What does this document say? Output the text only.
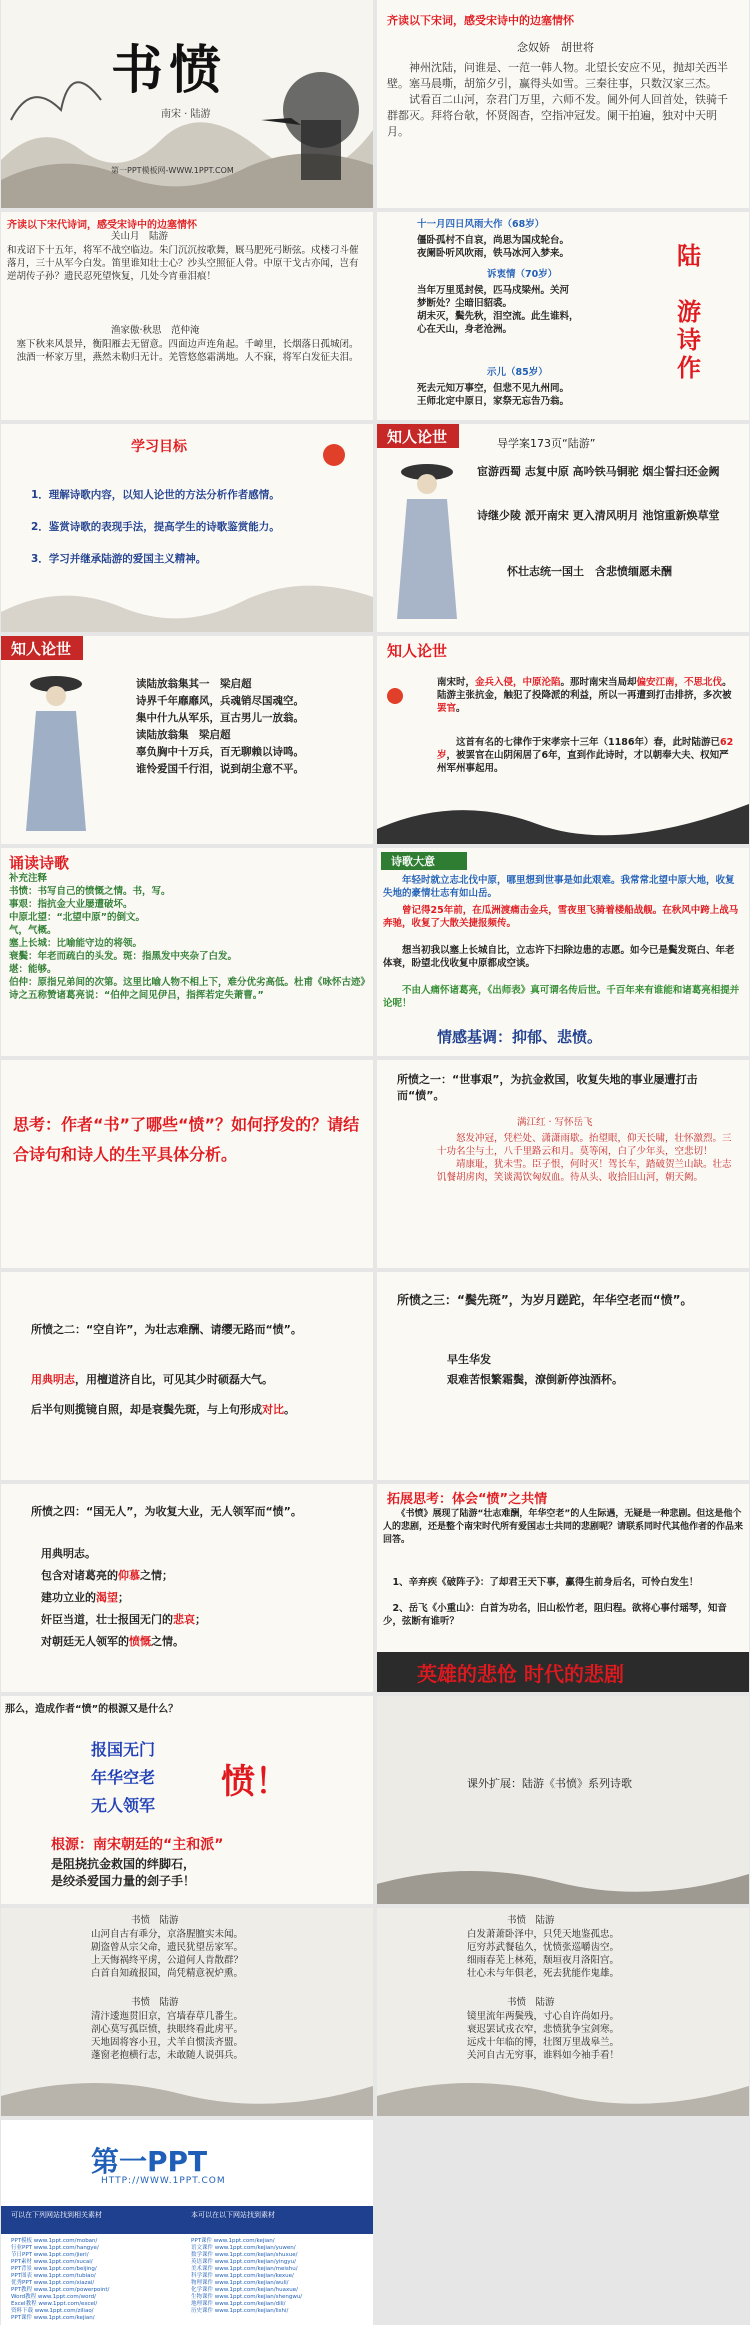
书愤
南宋 · 陆游
第一PPT模板网-WWW.1PPT.COM
齐读以下宋词，感受宋诗中的边塞情怀
念奴娇　胡世将
　　神州沈陆，问谁是、一范一韩人物。北望长安应不见，抛却关西半壁。塞马晨嘶，胡笳夕引，赢得头如雪。三秦往事，只数汉家三杰。
　　试看百二山河，奈君门万里，六师不发。阃外何人回首处，铁骑千群都灭。拜将台欹，怀贤阁杳，空指冲冠发。阑干拍遍，独对中天明月。
齐读以下宋代诗词，感受宋诗中的边塞情怀
关山月　陆游
和戎诏下十五年，将军不战空临边。朱门沉沉按歌舞，厩马肥死弓断弦。戍楼刁斗催落月，三十从军今白发。笛里谁知壮士心？沙头空照征人骨。中原干戈古亦闻，岂有逆胡传子孙？遗民忍死望恢复，几处今宵垂泪痕！
渔家傲·秋思　范仲淹
　塞下秋来风景异，衡阳雁去无留意。四面边声连角起。千嶂里，长烟落日孤城闭。
　浊酒一杯家万里，燕然未勒归无计。羌管悠悠霜满地。人不寐，将军白发征夫泪。
十一月四日风雨大作（68岁）
僵卧孤村不自哀，尚思为国戍轮台。
夜阑卧听风吹雨，铁马冰河入梦来。
诉衷情（70岁）
当年万里觅封侯，匹马戍梁州。关河
梦断处？尘暗旧貂裘。
胡未灭，鬓先秋，泪空流。此生谁料，
心在天山，身老沧洲。
示儿（85岁）
死去元知万事空，但悲不见九州同。
王师北定中原日，家祭无忘告乃翁。
陆

游
诗
作
学习目标
1．理解诗歌内容，以知人论世的方法分析作者感情。
2．鉴赏诗歌的表现手法，提高学生的诗歌鉴赏能力。
3．学习并继承陆游的爱国主义精神。
知人论世	导学案173页“陆游”
宦游西蜀 志复中原 高吟铁马铜驼 烟尘誓扫还金阙
诗继少陵 派开南宋 更入清风明月 池馆重新焕草堂
怀壮志统一国土　含悲愤缅愿未酬
知人论世
读陆放翁集其一　梁启超
诗界千年靡靡风，兵魂销尽国魂空。
集中什九从军乐，亘古男儿一放翁。
读陆放翁集　梁启超
辜负胸中十万兵，百无聊赖以诗鸣。
谁怜爱国千行泪，说到胡尘意不平。
知人论世
南宋时，金兵入侵，中原沦陷。那时南宋当局却偏安江南，不思北伐。陆游主张抗金，触犯了投降派的利益，所以一再遭到打击排挤，多次被罢官。
　　这首有名的七律作于宋孝宗十三年（1186年）春，此时陆游已62岁，被罢官在山阴闲居了6年，直到作此诗时，才以朝奉大夫、权知严州军州事起用。
诵读诗歌
补充注释
书愤：书写自己的愤慨之情。书，写。
事艰：指抗金大业屡遭破坏。
中原北望：“北望中原”的倒文。
气，气概。
塞上长城：比喻能守边的将领。
衰鬓：年老而疏白的头发。斑：指黑发中夹杂了白发。
堪：能够。
伯仲：原指兄弟间的次第。这里比喻人物不相上下，难分优劣高低。杜甫《咏怀古迹》诗之五称赞诸葛亮说：“伯仲之间见伊吕，指挥若定失萧曹。”
诗歌大意
　　年轻时就立志北伐中原，哪里想到世事是如此艰难。我常常北望中原大地，收复失地的豪情壮志有如山岳。
　　曾记得25年前，在瓜洲渡痛击金兵，雪夜里飞骑着楼船战舰。在秋风中跨上战马奔驰，收复了大散关捷报频传。
　　想当初我以塞上长城自比，立志许下扫除边患的志愿。如今已是鬓发斑白、年老体衰，盼望北伐收复中原都成空谈。
　　不由人痛怀诸葛亮，《出师表》真可谓名传后世。千百年来有谁能和诸葛亮相提并论呢！
情感基调：抑郁、悲愤。
思考：作者“书”了哪些“愤”？如何抒发的？请结合诗句和诗人的生平具体分析。
所愤之一：“世事艰”，为抗金救国，收复失地的事业屡遭打击而“愤”。
满江红 · 写怀岳飞
　　怒发冲冠，凭栏处、潇潇雨歇。抬望眼，仰天长啸，壮怀激烈。三十功名尘与土，八千里路云和月。莫等闲，白了少年头，空悲切！
　　靖康耻，犹未雪。臣子恨，何时灭！驾长车，踏破贺兰山缺。壮志饥餐胡虏肉，笑谈渴饮匈奴血。待从头、收拾旧山河，朝天阙。
所愤之二：“空自许”，为壮志难酬、请缨无路而“愤”。
用典明志，用檀道济自比，可见其少时硕磊大气。
后半句则揽镜自照，却是衰鬓先斑，与上句形成对比。
所愤之三：“鬓先斑”，为岁月蹉跎，年华空老而“愤”。
早生华发
艰难苦恨繁霜鬓，潦倒新停浊酒杯。
所愤之四：“国无人”，为收复大业，无人领军而“愤”。
用典明志。
包含对诸葛亮的仰慕之情；
建功立业的渴望；
奸臣当道，壮士报国无门的悲哀；
对朝廷无人领军的愤慨之情。
拓展思考：体会“愤”之共情
　　《书愤》展现了陆游“壮志难酬，年华空老”的人生际遇，无疑是一种悲剧。但这是他个人的悲剧，还是整个南宋时代所有爱国志士共同的悲剧呢？请联系同时代其他作者的作品来回答。
　1、辛弃疾《破阵子》：了却君王天下事，赢得生前身后名，可怜白发生！
　2、岳飞《小重山》：白首为功名，旧山松竹老，阻归程。欲将心事付瑶琴，知音少，弦断有谁听？
英雄的悲怆 时代的悲剧
那么，造成作者“愤”的根源又是什么？
报国无门
年华空老
无人领军
愤！
根源：南宋朝廷的“主和派”
是阻挠抗金救国的绊脚石，
是绞杀爱国力量的刽子手！
课外扩展：陆游《书愤》系列诗歌
书愤　陆游
山河自古有乖分，京洛腥膻实未闻。
剧盗曾从宗父命，遗民犹望岳家军。
上天悔祸终平虏，公道何人肯散群？
白首自知疏报国，尚凭精意祝炉熏。
书愤　陆游
清汴逶迤贯旧京，宫墙春草几番生。
剖心莫写孤臣愤，抉眼终看此虏平。
天地固将容小丑，犬羊自惯渎齐盟。
蓬窗老抱横行志，未敢随人说弭兵。
书愤　陆游
白发萧萧卧泽中，只凭天地鉴孤忠。
厄穷苏武餐毡久，忧愤张巡嚼齿空。
细雨春芜上林苑，颓垣夜月洛阳宫。
壮心未与年俱老，死去犹能作鬼雄。
书愤　陆游
镜里流年两鬓残，寸心自许尚如丹。
衰迟罢试戎衣窄，悲愤犹争宝剑寒。
远戍十年临的博，壮图万里战皋兰。
关河自古无穷事，谁料如今袖手看！
第一PPT
HTTP://WWW.1PPT.COM
可以在下列网站找到相关素材	本可以在以下网站找到素材
PPT模板 www.1ppt.com/moban/
行业PPT www.1ppt.com/hangye/
节日PPT www.1ppt.com/jieri/
PPT素材 www.1ppt.com/sucai/
PPT背景 www.1ppt.com/beijing/
PPT图表 www.1ppt.com/tubiao/
优秀PPT www.1ppt.com/xiazai/
PPT教程 www.1ppt.com/powerpoint/
Word教程 www.1ppt.com/word/
Excel教程 www.1ppt.com/excel/
资料下载 www.1ppt.com/ziliao/
PPT课件 www.1ppt.com/kejian/
PPT课件 www.1ppt.com/kejian/
语文课件 www.1ppt.com/kejian/yuwen/
数学课件 www.1ppt.com/kejian/shuxue/
英语课件 www.1ppt.com/kejian/yingyu/
美术课件 www.1ppt.com/kejian/meishu/
科学课件 www.1ppt.com/kejian/kexue/
物理课件 www.1ppt.com/kejian/wuli/
化学课件 www.1ppt.com/kejian/huaxue/
生物课件 www.1ppt.com/kejian/shengwu/
地理课件 www.1ppt.com/kejian/dili/
历史课件 www.1ppt.com/kejian/lishi/
